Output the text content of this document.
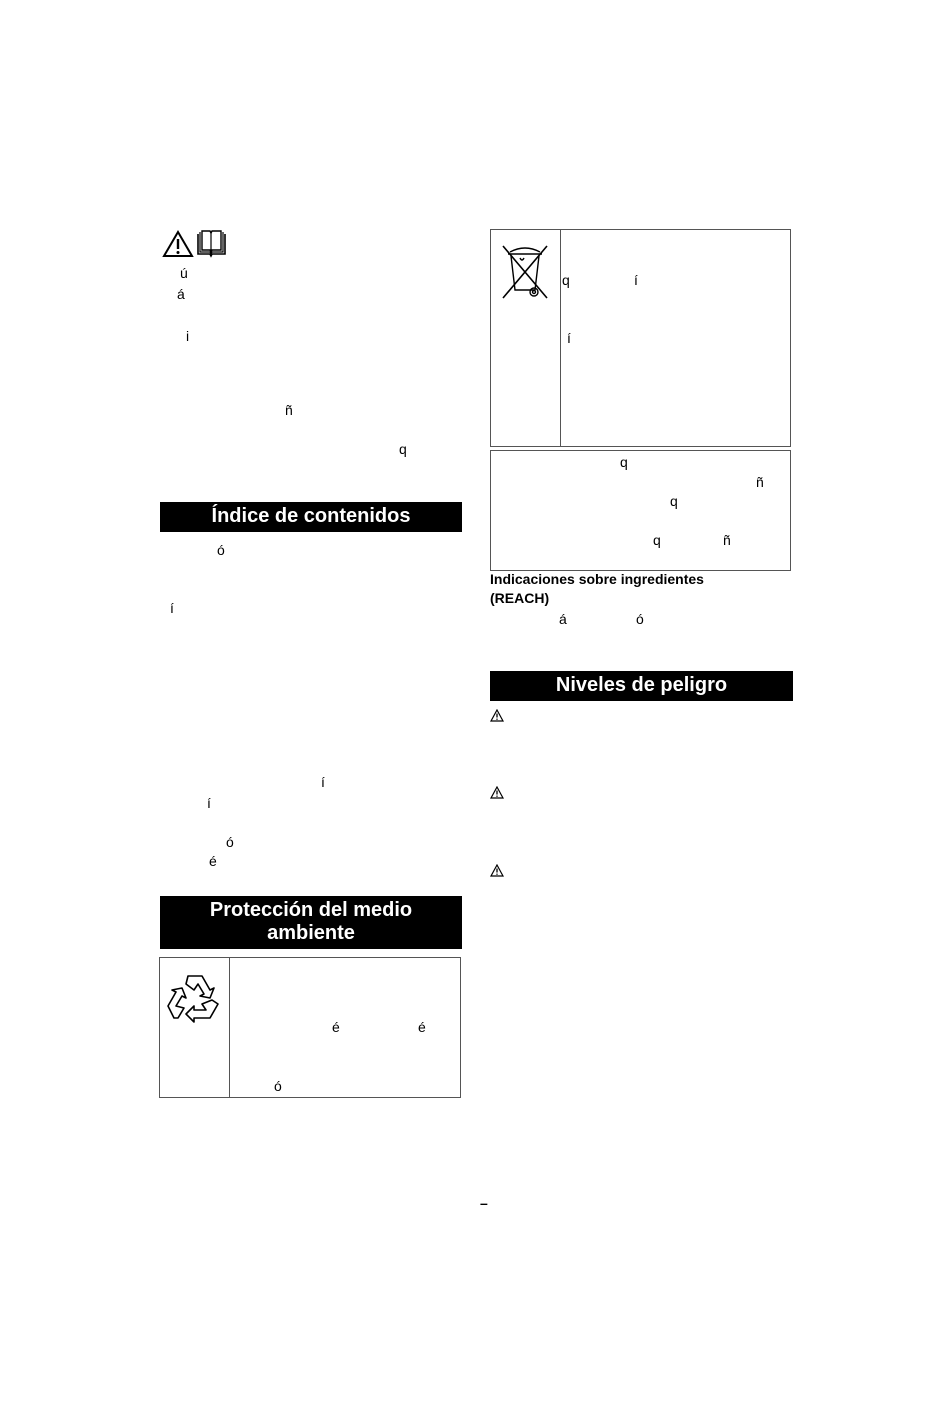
ú
á
i
ñ
q
Índice de contenidos
ó
í
í
í
ó
é
Protección del medio
ambiente
é	é
ó
q	í
í
q
ñ
q
q	ñ
Indicaciones sobre ingredientes
(REACH)
á	ó
Niveles de peligro
–
